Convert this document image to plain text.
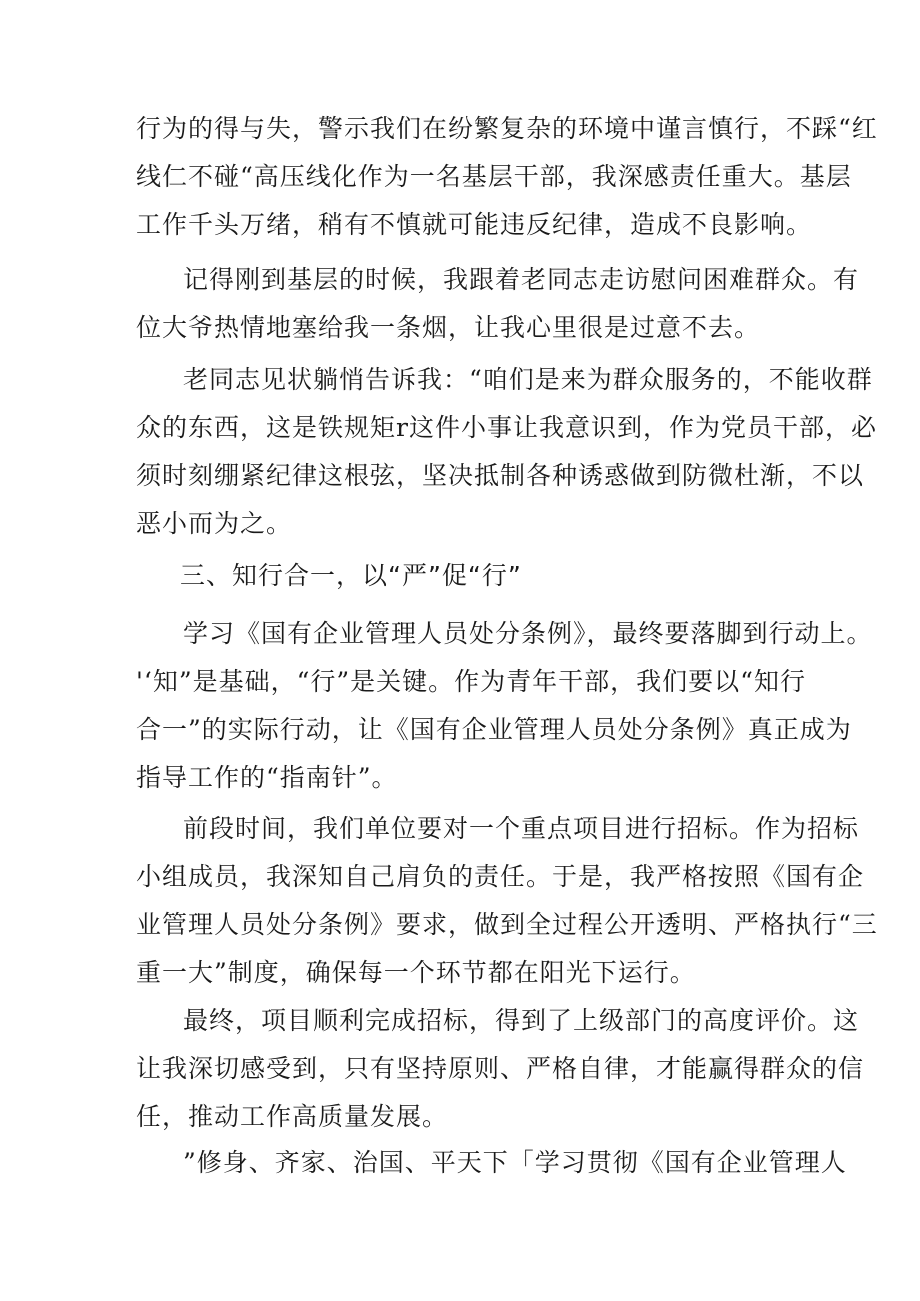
行为的得与失，警示我们在纷繁复杂的环境中谨言慎行，不踩“红
线仁不碰“高压线化作为一名基层干部，我深感责任重大。基层
工作千头万绪，稍有不慎就可能违反纪律，造成不良影响。

记得刚到基层的时候，我跟着老同志走访慰问困难群众。有
位大爷热情地塞给我一条烟，让我心里很是过意不去。

老同志见状躺悄告诉我：“咱们是来为群众服务的，不能收群
众的东西，这是铁规矩r这件小事让我意识到，作为党员干部，必
须时刻绷紧纪律这根弦，坚决抵制各种诱惑做到防微杜渐，不以
恶小而为之。

三、知行合一，以“严”促“行”

学习《国有企业管理人员处分条例》，最终要落脚到行动上。
'‘知”是基础，“行”是关键。作为青年干部，我们要以“知行
合一”的实际行动，让《国有企业管理人员处分条例》真正成为
指导工作的“指南针”。

前段时间，我们单位要对一个重点项目进行招标。作为招标
小组成员，我深知自己肩负的责任。于是，我严格按照《国有企
业管理人员处分条例》要求，做到全过程公开透明、严格执行“三
重一大”制度，确保每一个环节都在阳光下运行。

最终，项目顺利完成招标，得到了上级部门的高度评价。这
让我深切感受到，只有坚持原则、严格自律，才能赢得群众的信
任，推动工作高质量发展。

”修身、齐家、治国、平天下「学习贯彻《国有企业管理人
